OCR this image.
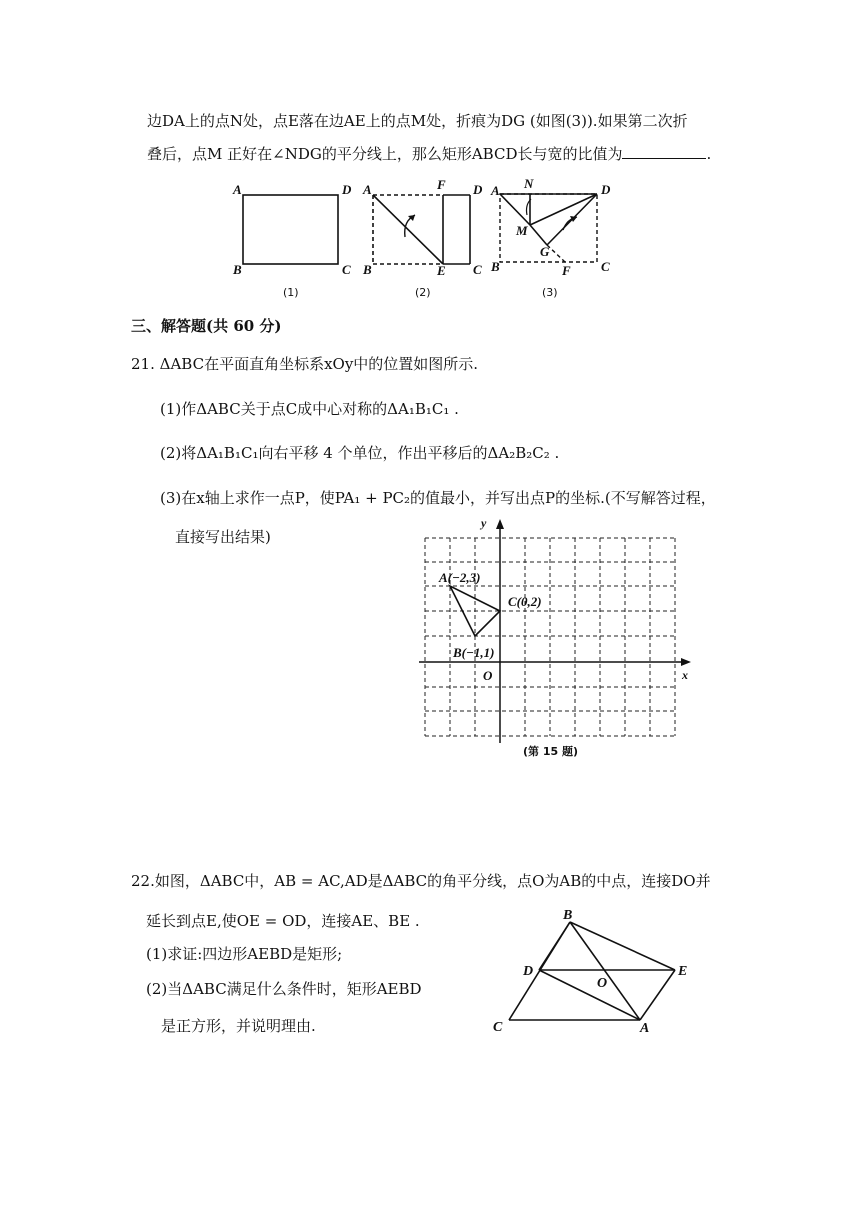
边DA上的点N处，点E落在边AE上的点M处，折痕为DG (如图(3)).如果第二次折
叠后，点M 正好在∠NDG的平分线上，那么矩形ABCD长与宽的比值为	.
A	D
B	C
(1)
A	F D
B	E C
(2)
A N	D
M
G
B	F C
(3)
三、解答题(共 60 分)
21. ΔABC在平面直角坐标系xOy中的位置如图所示.
(1)作ΔABC关于点C成中心对称的ΔA₁B₁C₁ .
(2)将ΔA₁B₁C₁向右平移 4 个单位，作出平移后的ΔA₂B₂C₂ .
(3)在x轴上求作一点P，使PA₁ + PC₂的值最小，并写出点P的坐标.(不写解答过程，
直接写出结果)
y
x
O
A(−2,3)
B(−1,1)
C(0,2)
(第 15 题)
22.如图，ΔABC中，AB = AC,AD是ΔABC的角平分线，点O为AB的中点，连接DO并
延长到点E,使OE = OD，连接AE、BE .
(1)求证:四边形AEBD是矩形;
(2)当ΔABC满足什么条件时，矩形AEBD
是正方形，并说明理由.
B
D
O
E
C	A
